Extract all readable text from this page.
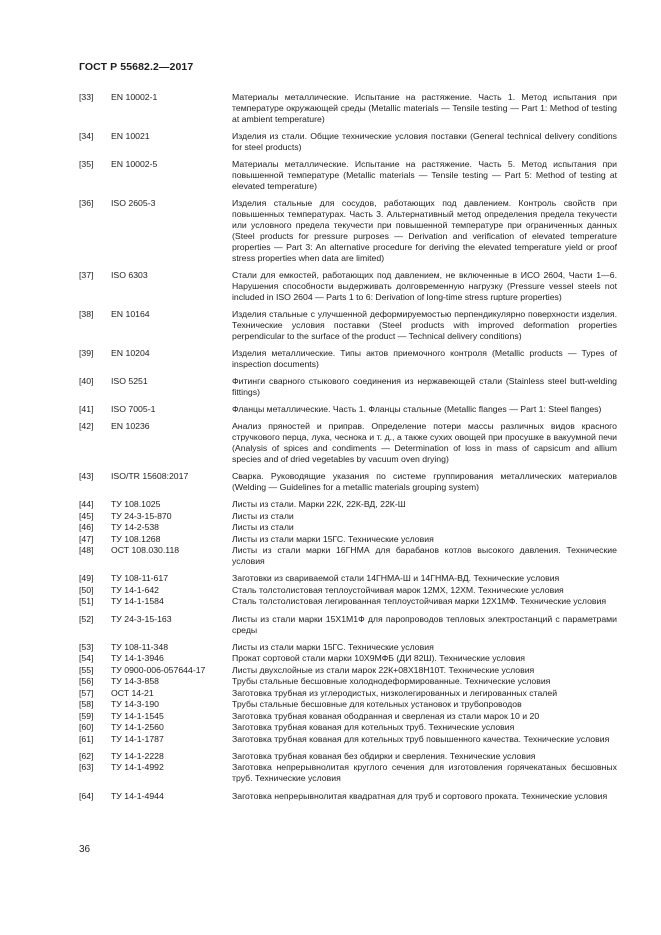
ГОСТ Р 55682.2—2017
[33] EN 10002-1	Материалы металлические. Испытание на растяжение. Часть 1. Метод испытания при температуре окружающей среды (Metallic materials — Tensile testing — Part 1: Method of testing at ambient temperature)
[34] EN 10021	Изделия из стали. Общие технические условия поставки (General technical delivery conditions for steel products)
[35] EN 10002-5	Материалы металлические. Испытание на растяжение. Часть 5. Метод испытания при повышенной температуре (Metallic materials — Tensile testing — Part 5: Method of testing at elevated temperature)
[36] ISO 2605-3	Изделия стальные для сосудов, работающих под давлением. Контроль свойств при повышенных температурах. Часть 3. Альтернативный метод определения предела текучести или условного предела текучести при повышенной температуре при ограниченных данных (Steel products for pressure purposes — Derivation and verification of elevated temperature properties — Part 3: An alternative procedure for deriving the elevated temperature yield or proof stress properties when data are limited)
[37] ISO 6303	Стали для емкостей, работающих под давлением, не включенные в ИСО 2604, Части 1—6. Нарушения способности выдерживать долговременную нагрузку (Pressure vessel steels not included in ISO 2604 — Parts 1 to 6: Derivation of long-time stress rupture properties)
[38] EN 10164	Изделия стальные с улучшенной деформируемостью перпендикулярно поверхности изделия. Технические условия поставки (Steel products with improved deformation properties perpendicular to the surface of the product — Technical delivery conditions)
[39] EN 10204	Изделия металлические. Типы актов приемочного контроля (Metallic products — Types of inspection documents)
[40] ISO 5251	Фитинги сварного стыкового соединения из нержавеющей стали (Stainless steel butt-welding fittings)
[41] ISO 7005-1	Фланцы металлические. Часть 1. Фланцы стальные (Metallic flanges — Part 1: Steel flanges)
[42] EN 10236	Анализ пряностей и приправ. Определение потери массы различных видов красного стручкового перца, лука, чеснока и т. д., а также сухих овощей при просушке в вакуумной печи (Analysis of spices and condiments — Determination of loss in mass of capsicum and allium species and of dried vegetables by vacuum oven drying)
[43] ISO/TR 15608:2017	Сварка. Руководящие указания по системе группирования металлических материалов (Welding — Guidelines for a metallic materials grouping system)
[44] ТУ 108.1025	Листы из стали. Марки 22К, 22К-ВД, 22К-Ш
[45] ТУ 24-3-15-870	Листы из стали
[46] ТУ 14-2-538	Листы из стали
[47] ТУ 108.1268	Листы из стали марки 15ГС. Технические условия
[48] ОСТ 108.030.118	Листы из стали марки 16ГНМА для барабанов котлов высокого давления. Технические условия
[49] ТУ 108-11-617	Заготовки из свариваемой стали 14ГНМА-Ш и 14ГНМА-ВД. Технические условия
[50] ТУ 14-1-642	Сталь толстолистовая теплоустойчивая марок 12МХ, 12ХМ. Технические условия
[51] ТУ 14-1-1584	Сталь толстолистовая легированная теплоустойчивая марки 12Х1МФ. Технические условия
[52] ТУ 24-3-15-163	Листы из стали марки 15Х1М1Ф для паропроводов тепловых электростанций с параметрами среды
[53] ТУ 108-11-348	Листы из стали марки 15ГС. Технические условия
[54] ТУ 14-1-3946	Прокат сортовой стали марки 10Х9МФБ (ДИ 82Ш). Технические условия
[55] ТУ 0900-006-057644-17	Листы двухслойные из стали марок 22К+08Х18Н10Т. Технические условия
[56] ТУ 14-3-858	Трубы стальные бесшовные холоднодеформированные. Технические условия
[57] ОСТ 14-21	Заготовка трубная из углеродистых, низколегированных и легированных сталей
[58] ТУ 14-3-190	Трубы стальные бесшовные для котельных установок и трубопроводов
[59] ТУ 14-1-1545	Заготовка трубная кованая ободранная и сверленая из стали марок 10 и 20
[60] ТУ 14-1-2560	Заготовка трубная кованая для котельных труб. Технические условия
[61] ТУ 14-1-1787	Заготовка трубная кованая для котельных труб повышенного качества. Технические условия
[62] ТУ 14-1-2228	Заготовка трубная кованая без обдирки и сверления. Технические условия
[63] ТУ 14-1-4992	Заготовка непрерывнолитая круглого сечения для изготовления горячекатаных бесшовных труб. Технические условия
[64] ТУ 14-1-4944	Заготовка непрерывнолитая квадратная для труб и сортового проката. Технические условия
36
